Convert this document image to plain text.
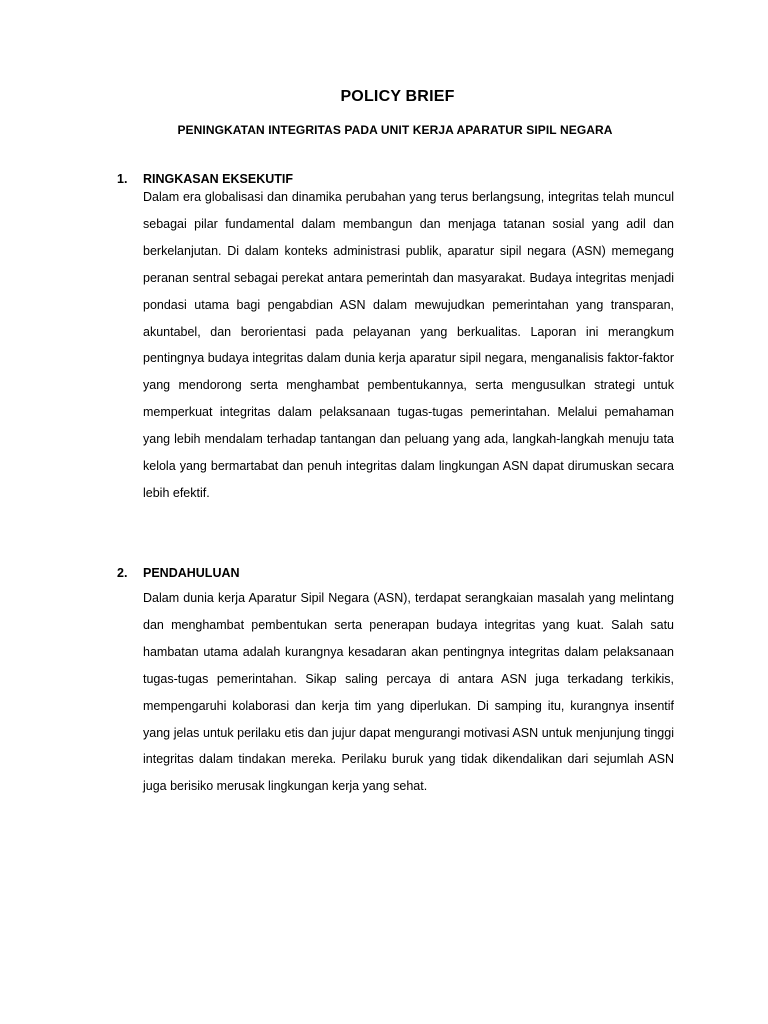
POLICY BRIEF
PENINGKATAN INTEGRITAS PADA UNIT KERJA APARATUR SIPIL NEGARA
1.	RINGKASAN EKSEKUTIF

Dalam era globalisasi dan dinamika perubahan yang terus berlangsung, integritas telah muncul sebagai pilar fundamental dalam membangun dan menjaga tatanan sosial yang adil dan berkelanjutan. Di dalam konteks administrasi publik, aparatur sipil negara (ASN) memegang peranan sentral sebagai perekat antara pemerintah dan masyarakat. Budaya integritas menjadi pondasi utama bagi pengabdian ASN dalam mewujudkan pemerintahan yang transparan, akuntabel, dan berorientasi pada pelayanan yang berkualitas. Laporan ini merangkum pentingnya budaya integritas dalam dunia kerja aparatur sipil negara, menganalisis faktor-faktor yang mendorong serta menghambat pembentukannya, serta mengusulkan strategi untuk memperkuat integritas dalam pelaksanaan tugas-tugas pemerintahan. Melalui pemahaman yang lebih mendalam terhadap tantangan dan peluang yang ada, langkah-langkah menuju tata kelola yang bermartabat dan penuh integritas dalam lingkungan ASN dapat dirumuskan secara lebih efektif.

2.	PENDAHULUAN

Dalam dunia kerja Aparatur Sipil Negara (ASN), terdapat serangkaian masalah yang melintang dan menghambat pembentukan serta penerapan budaya integritas yang kuat. Salah satu hambatan utama adalah kurangnya kesadaran akan pentingnya integritas dalam pelaksanaan tugas-tugas pemerintahan. Sikap saling percaya di antara ASN juga terkadang terkikis, mempengaruhi kolaborasi dan kerja tim yang diperlukan. Di samping itu, kurangnya insentif yang jelas untuk perilaku etis dan jujur dapat mengurangi motivasi ASN untuk menjunjung tinggi integritas dalam tindakan mereka. Perilaku buruk yang tidak dikendalikan dari sejumlah ASN juga berisiko merusak lingkungan kerja yang sehat.
